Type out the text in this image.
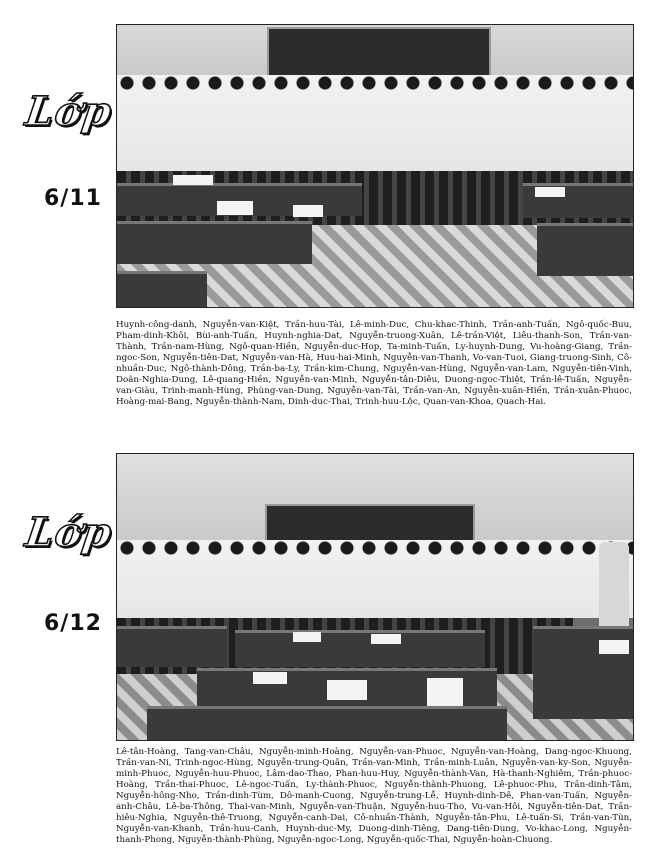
Lớp
6/11

Huynh-công-danh, Nguyễn-van-Kiệt, Trần-huu-Tài, Lê-minh-Duc, Chu-khac-Thinh, Trần-anh-Tuấn, Ngô-quốc-Buu, Pham-dinh-Khôi, Bùi-anh-Tuấn, Huynh-nghia-Dat, Nguyễn-truong-Xuân, Lê-trần-Việt, Liêu-thanh-Son, Trần-van-Thành, Trần-nam-Hùng, Ngô-quan-Hiền, Nguyễn-duc-Hop, Ta-minh-Tuấn, Ly-huynh-Dung, Vu-hoàng-Giang, Trần-ngoc-Son, Nguyễn-tiên-Dat, Nguyễn-van-Hà, Huu-hai-Minh, Nguyễn-van-Thanh, Vo-van-Tuoi, Giang-truong-Sinh, Cô-nhuần-Duc, Ngô-thành-Dông, Trần-ba-Ly, Trần-kim-Chung, Nguyễn-van-Hùng, Nguyễn-van-Lam, Nguyễn-tiên-Vinh, Doãn-Nghia-Dung, Lê-quang-Hiền, Nguyễn-van-Minh, Nguyễn-tân-Diêu, Duong-ngoc-Thiệt, Trần-lê-Tuấn, Nguyễn-van-Giàu, Trinh-manh-Hùng, Phùng-van-Dung, Nguyễn-van-Tài, Trần-van-An, Nguyễn-xuân-Hiền, Trần-xuân-Phuoc, Hoàng-mai-Bang, Nguyễn-thành-Nam, Dinh-duc-Thai, Trinh-huu-Lộc, Quan-van-Khoa, Quach-Hai.

Lớp
6/12

Lê-tân-Hoàng, Tang-van-Châu, Nguyễn-minh-Hoàng, Nguyễn-van-Phuoc, Nguyễn-van-Hoàng, Dang-ngoc-Khuong, Trần-van-Ni, Trinh-ngoc-Hùng, Nguyễn-trung-Quân, Trần-van-Minh, Trần-minh-Luân, Nguyễn-van-ky-Son, Nguyễn-minh-Phuoc, Nguyễn-huu-Phuoc, Lâm-dao-Thao, Phan-huu-Huy, Nguyễn-thành-Van, Hà-thanh-Nghiêm, Trần-phuoc-Hoàng, Trần-thai-Phuoc, Lê-ngoc-Tuấn, Ly-thành-Phuoc, Nguyễn-thành-Phuong, Lê-phuoc-Phu, Trần-dinh-Tâm, Nguyễn-hông-Nho, Trần-dinh-Tùm, Dô-manh-Cuong, Nguyễn-trung-Lễ, Huynh-dinh-Dê, Phan-van-Tuấn, Nguyễn-anh-Châu, Lê-ba-Thông, Thai-van-Minh, Nguyễn-van-Thuận, Nguyễn-huu-Tho, Vu-van-Hôi, Nguyễn-tiên-Dat, Trần-hiêu-Nghia, Nguyễn-thê-Truong, Nguyễn-canh-Dai, Cô-nhuần-Thành, Nguyễn-tân-Phu, Lê-tuấn-Si, Trần-van-Tùn, Nguyễn-van-Khanh, Trần-huu-Canh, Huynh-duc-My, Duong-dinh-Tiêng, Dang-tiên-Dung, Vo-khac-Long, Nguyễn-thanh-Phong, Nguyễn-thành-Phùng, Nguyễn-ngoc-Long, Nguyễn-quốc-Thai, Nguyễn-hoàn-Chuong.
